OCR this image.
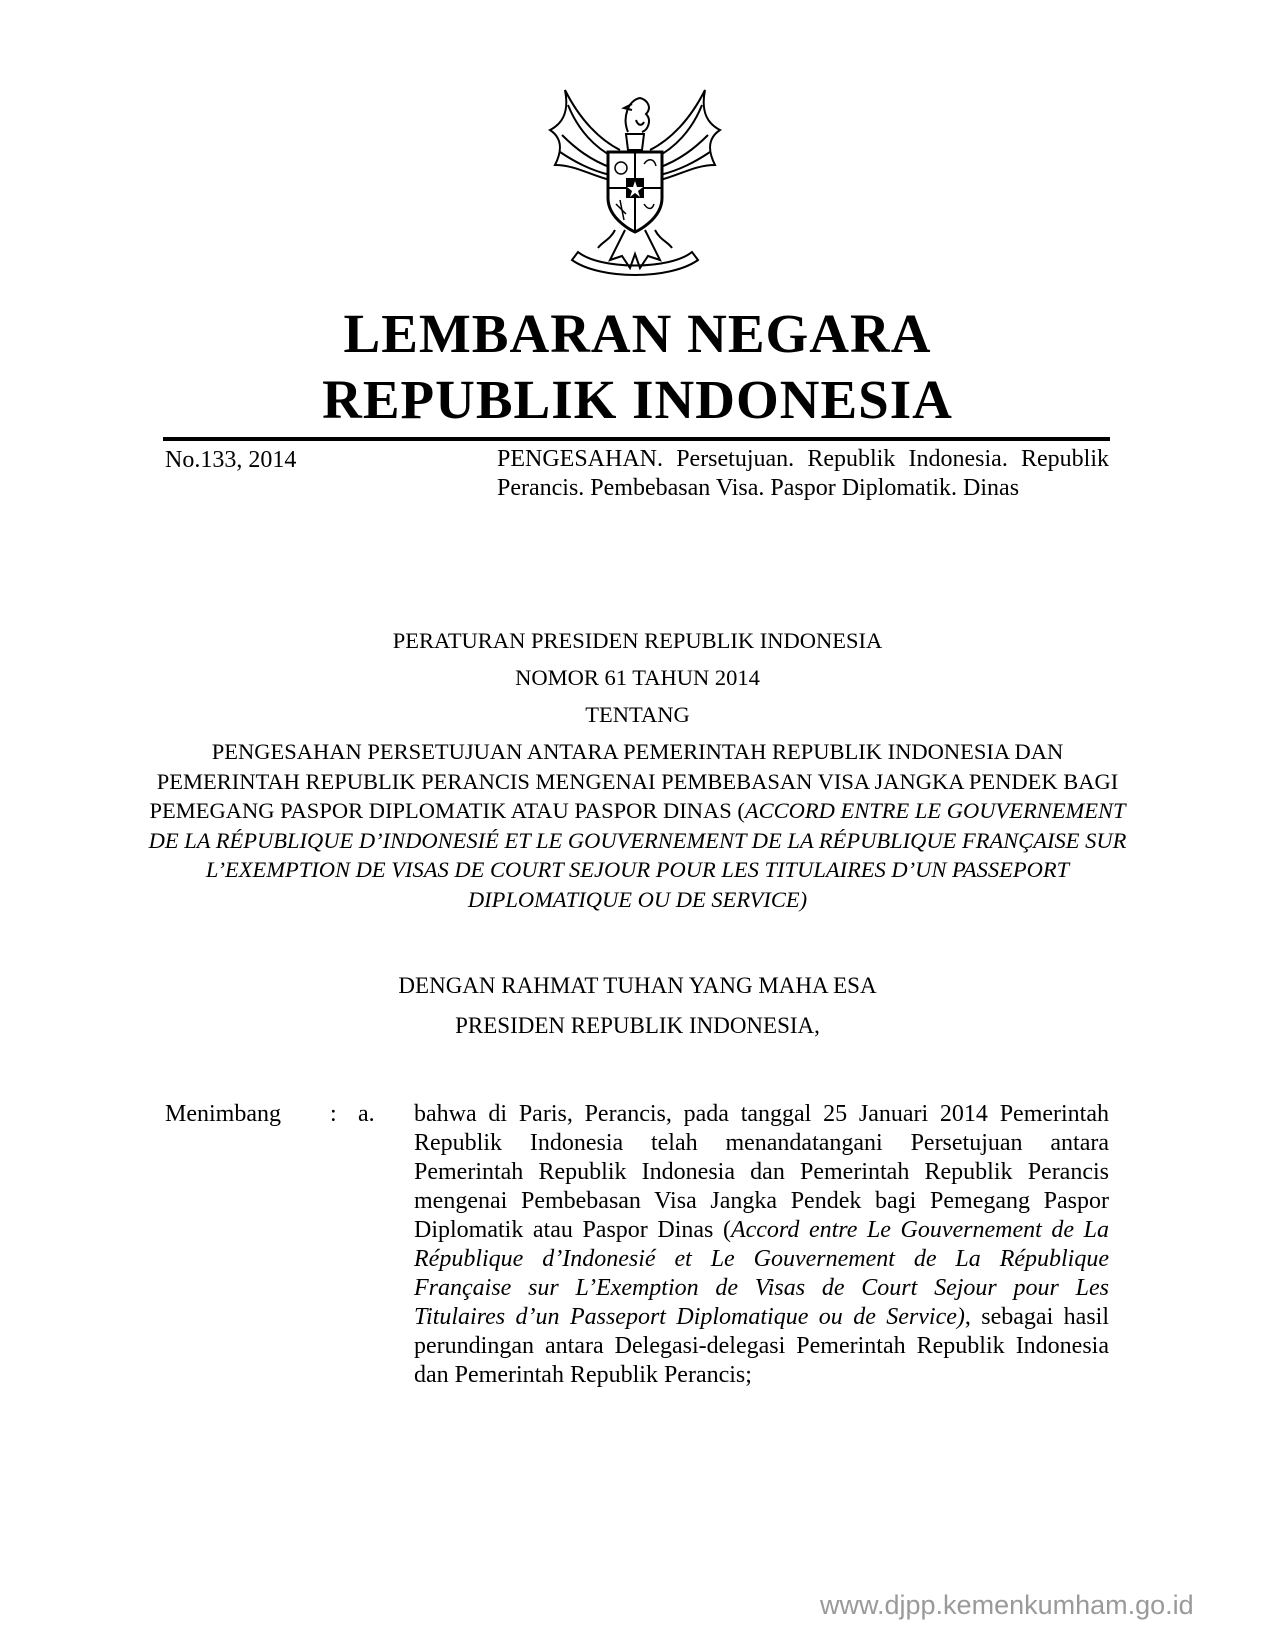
LEMBARAN NEGARA
REPUBLIK INDONESIA
No.133, 2014	PENGESAHAN. Persetujuan. Republik Indonesia. Republik Perancis. Pembebasan Visa. Paspor Diplomatik. Dinas
PERATURAN PRESIDEN REPUBLIK INDONESIA
NOMOR 61 TAHUN 2014
TENTANG
PENGESAHAN PERSETUJUAN ANTARA PEMERINTAH REPUBLIK INDONESIA DAN PEMERINTAH REPUBLIK PERANCIS MENGENAI PEMBEBASAN VISA JANGKA PENDEK BAGI PEMEGANG PASPOR DIPLOMATIK ATAU PASPOR DINAS (ACCORD ENTRE LE GOUVERNEMENT DE LA RÉPUBLIQUE D’INDONESIÉ ET LE GOUVERNEMENT DE LA RÉPUBLIQUE FRANÇAISE SUR L’EXEMPTION DE VISAS DE COURT SEJOUR POUR LES TITULAIRES D’UN PASSEPORT DIPLOMATIQUE OU DE SERVICE)
DENGAN RAHMAT TUHAN YANG MAHA ESA
PRESIDEN REPUBLIK INDONESIA,
Menimbang : a. bahwa di Paris, Perancis, pada tanggal 25 Januari 2014 Pemerintah Republik Indonesia telah menandatangani Persetujuan antara Pemerintah Republik Indonesia dan Pemerintah Republik Perancis mengenai Pembebasan Visa Jangka Pendek bagi Pemegang Paspor Diplomatik atau Paspor Dinas (Accord entre Le Gouvernement de La République d’Indonesié et Le Gouvernement de La République Française sur L’Exemption de Visas de Court Sejour pour Les Titulaires d’un Passeport Diplomatique ou de Service), sebagai hasil perundingan antara Delegasi-delegasi Pemerintah Republik Indonesia dan Pemerintah Republik Perancis;
www.djpp.kemenkumham.go.id
